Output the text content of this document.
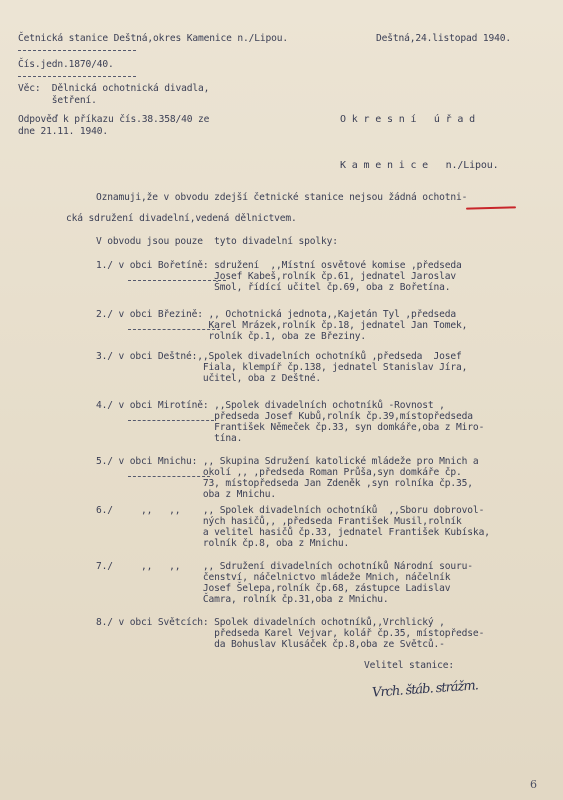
Četnická stanice Deštná,okres Kamenice n./Lipou.	Deštná,24.listopad 1940.
Čís.jedn.1870/40.
Věc:  Dělnická ochotnická divadla,
šetření.
Odpověď k příkazu čís.38.358/40 ze
dne 21.11. 1940.
O k r e s n í   ú ř a d
K a m e n i c e   n./Lipou.
Oznamuji,že v obvodu zdejší četnické stanice nejsou žádná ochotni-
cká sdružení divadelní,vedená dělnictvem.
V obvodu jsou pouze  tyto divadelní spolky:
1./ v obci Bořetíně: sdružení  ,,Místní osvětové komise ,předseda
Josef Kabeš,rolník čp.61, jednatel Jaroslav
Šmol, řídící učitel čp.69, oba z Bořetína.
2./ v obci Březině: ,, Ochotnická jednota,,Kajetán Tyl ,předseda
Karel Mrázek,rolník čp.18, jednatel Jan Tomek,
rolník čp.1, oba ze Březiny.
3./ v obci Deštné:,,Spolek divadelních ochotníků ,předseda  Josef
Fiala, klempíř čp.138, jednatel Stanislav Jíra,
učitel, oba z Deštné.
4./ v obci Mirotíně: ,,Spolek divadelních ochotníků -Rovnost ,
předseda Josef Kubů,rolník čp.39,místopředseda
František Němeček čp.33, syn domkáře,oba z Miro-
tína.
5./ v obci Mnichu: ,, Skupina Sdružení katolické mládeže pro Mnich a
okolí ,, ,předseda Roman Průša,syn domkáře čp.
73, místopředseda Jan Zdeněk ,syn rolníka čp.35,
oba z Mnichu.
6./     ,,   ,,    ,, Spolek divadelních ochotníků  ,,Sboru dobrovol-
ných hasičů,, ,předseda František Musil,rolník
a velitel hasičů čp.33, jednatel František Kubíska,
rolník čp.8, oba z Mnichu.
7./     ,,   ,,    ,, Sdružení divadelních ochotníků Národní souru-
čenství, náčelnictvo mládeže Mnich, náčelník
Josef Šelepa,rolník čp.68, zástupce Ladislav
Čamra, rolník čp.31,oba z Mnichu.
8./ v obci Světcích: Spolek divadelních ochotníků,,Vrchlický ,
předseda Karel Vejvar, kolář čp.35, místopředse-
da Bohuslav Klusáček čp.8,oba ze Světců.-
Velitel stanice:
Vrch. štáb. strážm.
6
